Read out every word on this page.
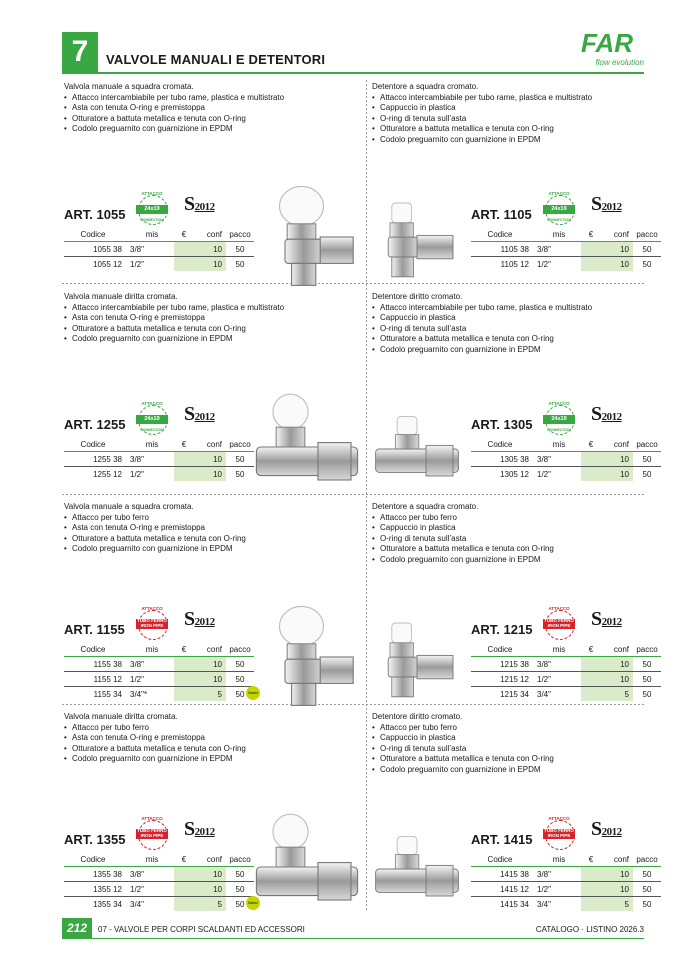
7	VALVOLE MANUALI E DETENTORI
FAR
flow evolution

Valvola manuale a squadra cromata.

• Attacco intercambiabile per tubo rame, plastica e multistrato
• Asta con tenuta O-ring e premistoppa
• Otturatore a battuta metallica e tenuta con O-ring
• Codolo preguarnito con guarnizione in EPDM
ART. 1055	24x19
ATTACCO
CONNECTION
S2012
Codice	mis	€	conf	pacco
1055 38	3/8"		10	50
1055 12	1/2"		10	50

Detentore a squadra cromato.

• Attacco intercambiabile per tubo rame, plastica e multistrato
• Cappuccio in plastica
• O-ring di tenuta sull’asta
• Otturatore a battuta metallica e tenuta con O-ring
• Codolo preguarnito con guarnizione in EPDM
ART. 1105	24x19
ATTACCO
CONNECTION
S2012
Codice	mis	€	conf	pacco
1105 38	3/8"		10	50
1105 12	1/2"		10	50

Valvola manuale diritta cromata.

• Attacco intercambiabile per tubo rame, plastica e multistrato
• Asta con tenuta O-ring e premistoppa
• Otturatore a battuta metallica e tenuta con O-ring
• Codolo preguarnito con guarnizione in EPDM
ART. 1255	24x19
ATTACCO
CONNECTION
S2012
Codice	mis	€	conf	pacco
1255 38	3/8"		10	50
1255 12	1/2"		10	50

Detentore diritto cromato.

• Attacco intercambiabile per tubo rame, plastica e multistrato
• Cappuccio in plastica
• O-ring di tenuta sull’asta
• Otturatore a battuta metallica e tenuta con O-ring
• Codolo preguarnito con guarnizione in EPDM
ART. 1305	24x19
ATTACCO
CONNECTION
S2012
Codice	mis	€	conf	pacco
1305 38	3/8"		10	50
1305 12	1/2"		10	50

Valvola manuale a squadra cromata.

• Attacco per tubo ferro
• Asta con tenuta O-ring e premistoppa
• Otturatore a battuta metallica e tenuta con O-ring
• Codolo preguarnito con guarnizione in EPDM
ART. 1155
TUBO FERRO
IRON PIPE
ATTACCO	S2012
Codice	mis	€	conf	pacco
1155 38	3/8"		10	50
1155 12	1/2"		10	50
1155 34	3/4"*		5	50 Natal

Detentore a squadra cromato.

• Attacco per tubo ferro
• Cappuccio in plastica
• O-ring di tenuta sull’asta
• Otturatore a battuta metallica e tenuta con O-ring
• Codolo preguarnito con guarnizione in EPDM
ART. 1215
TUBO FERRO
IRON PIPE
ATTACCO	S2012
Codice	mis	€	conf	pacco
1215 38	3/8"		10	50
1215 12	1/2"		10	50
1215 34	3/4"		5	50

Valvola manuale diritta cromata.

• Attacco per tubo ferro
• Asta con tenuta O-ring e premistoppa
• Otturatore a battuta metallica e tenuta con O-ring
• Codolo preguarnito con guarnizione in EPDM
ART. 1355
TUBO FERRO
IRON PIPE
ATTACCO	S2012
Codice	mis	€	conf	pacco
1355 38	3/8"		10	50
1355 12	1/2"		10	50
1355 34	3/4"		5	50 Natal

Detentore diritto cromato.

• Attacco per tubo ferro
• Cappuccio in plastica
• O-ring di tenuta sull’asta
• Otturatore a battuta metallica e tenuta con O-ring
• Codolo preguarnito con guarnizione in EPDM
ART. 1415
TUBO FERRO
IRON PIPE
ATTACCO	S2012
Codice	mis	€	conf	pacco
1415 38	3/8"		10	50
1415 12	1/2"		10	50
1415 34	3/4"		5	50
212	07 - VALVOLE PER CORPI SCALDANTI ED ACCESSORI	CATALOGO · LISTINO 2026.3
